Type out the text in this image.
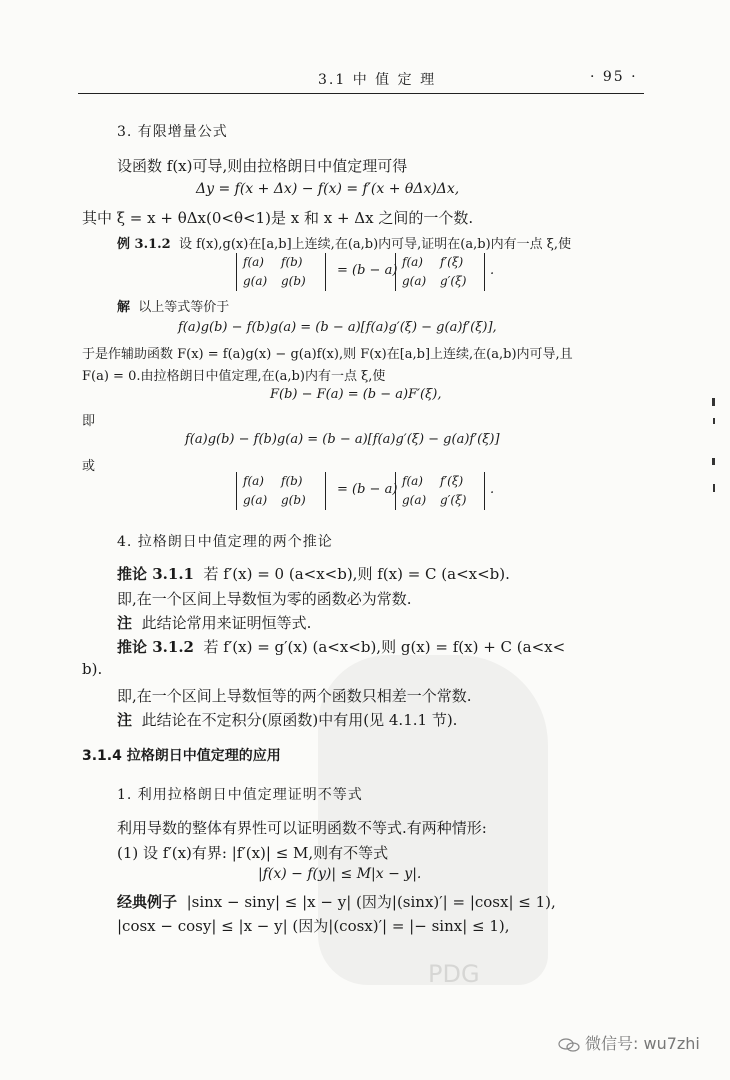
PDG
3.1 中 值 定 理	· 95 ·
3. 有限增量公式
设函数 f(x)可导,则由拉格朗日中值定理可得
Δy = f(x + Δx) − f(x) = f′(x + θΔx)Δx,
其中 ξ = x + θΔx(0<θ<1)是 x 和 x + Δx 之间的一个数.
例 3.1.2 设 f(x),g(x)在[a,b]上连续,在(a,b)内可导,证明在(a,b)内有一点 ξ,使
f(a) f(b)
g(a) g(b)
= (b − a)
f(a) f′(ξ)
g(a) g′(ξ)
.
解 以上等式等价于
f(a)g(b) − f(b)g(a) = (b − a)[f(a)g′(ξ) − g(a)f′(ξ)],
于是作辅助函数 F(x) = f(a)g(x) − g(a)f(x),则 F(x)在[a,b]上连续,在(a,b)内可导,且
F(a) = 0.由拉格朗日中值定理,在(a,b)内有一点 ξ,使
F(b) − F(a) = (b − a)F′(ξ),
即
f(a)g(b) − f(b)g(a) = (b − a)[f(a)g′(ξ) − g(a)f′(ξ)]
或
f(a) f(b)
g(a) g(b)
= (b − a)
f(a) f′(ξ)
g(a) g′(ξ)
.
4. 拉格朗日中值定理的两个推论
推论 3.1.1 若 f′(x) = 0 (a<x<b),则 f(x) = C (a<x<b).
即,在一个区间上导数恒为零的函数必为常数.
注 此结论常用来证明恒等式.
推论 3.1.2 若 f′(x) = g′(x) (a<x<b),则 g(x) = f(x) + C (a<x<
b).
即,在一个区间上导数恒等的两个函数只相差一个常数.
注 此结论在不定积分(原函数)中有用(见 4.1.1 节).
3.1.4 拉格朗日中值定理的应用
1. 利用拉格朗日中值定理证明不等式
利用导数的整体有界性可以证明函数不等式.有两种情形:
(1) 设 f′(x)有界: |f′(x)| ≤ M,则有不等式
|f(x) − f(y)| ≤ M|x − y|.
经典例子 |sinx − siny| ≤ |x − y| (因为|(sinx)′| = |cosx| ≤ 1),
|cosx − cosy| ≤ |x − y| (因为|(cosx)′| = |− sinx| ≤ 1),
微信号: wu7zhi
